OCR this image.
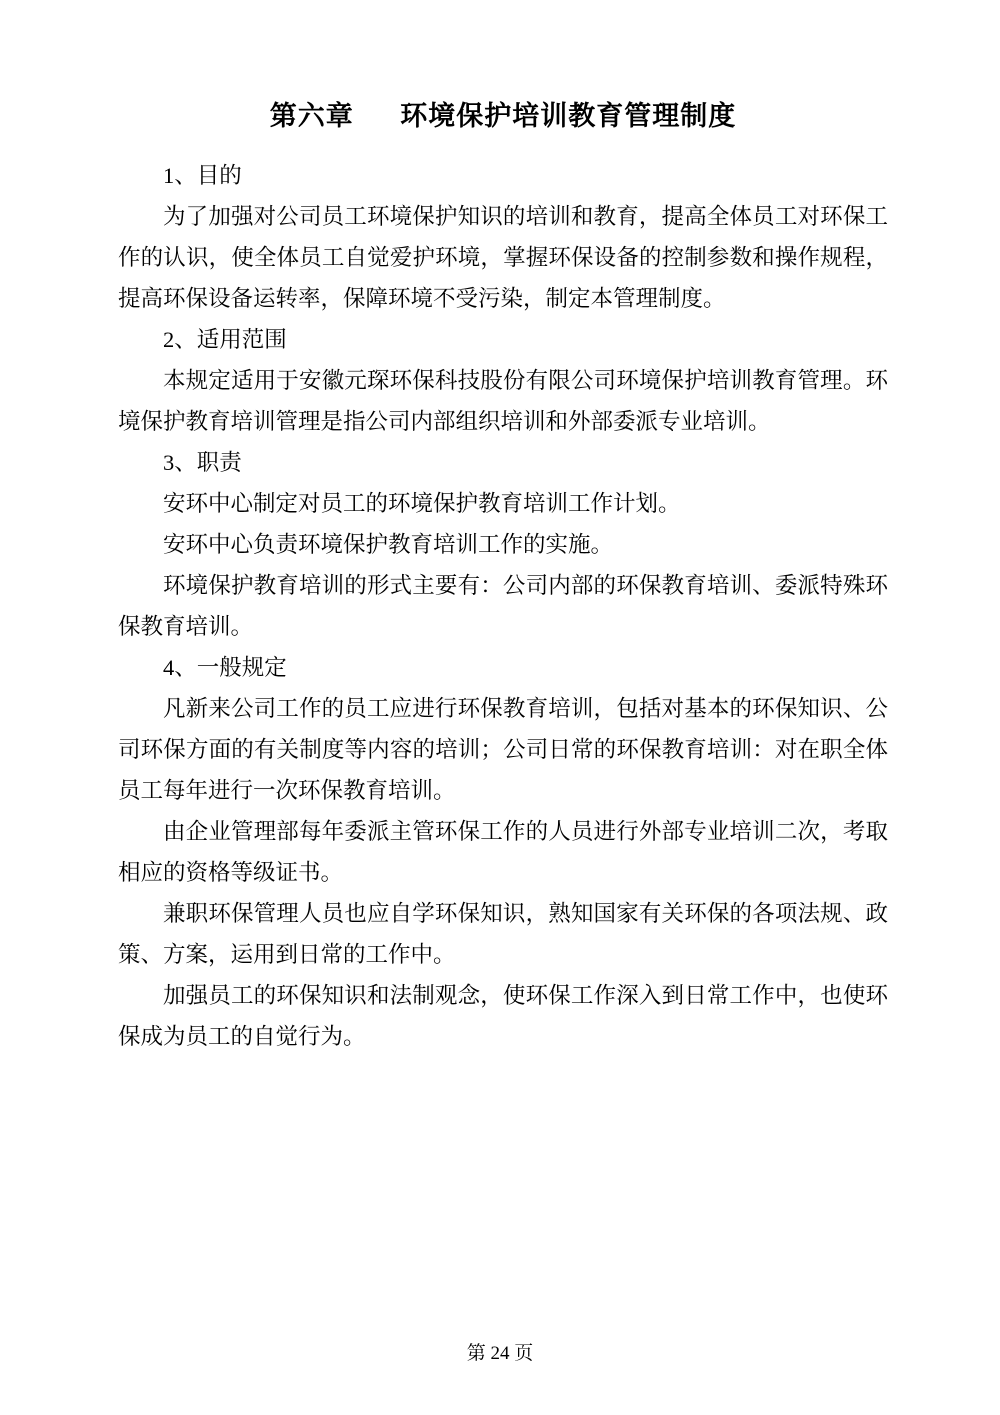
第六章      环境保护培训教育管理制度

1、目的

为了加强对公司员工环境保护知识的培训和教育，提高全体员工对环保工作的认识，使全体员工自觉爱护环境，掌握环保设备的控制参数和操作规程，提高环保设备运转率，保障环境不受污染，制定本管理制度。

2、适用范围

本规定适用于安徽元琛环保科技股份有限公司环境保护培训教育管理。环境保护教育培训管理是指公司内部组织培训和外部委派专业培训。

3、职责

安环中心制定对员工的环境保护教育培训工作计划。

安环中心负责环境保护教育培训工作的实施。

环境保护教育培训的形式主要有：公司内部的环保教育培训、委派特殊环保教育培训。

4、一般规定

凡新来公司工作的员工应进行环保教育培训，包括对基本的环保知识、公司环保方面的有关制度等内容的培训；公司日常的环保教育培训：对在职全体员工每年进行一次环保教育培训。

由企业管理部每年委派主管环保工作的人员进行外部专业培训二次，考取相应的资格等级证书。

兼职环保管理人员也应自学环保知识，熟知国家有关环保的各项法规、政策、方案，运用到日常的工作中。

加强员工的环保知识和法制观念，使环保工作深入到日常工作中，也使环保成为员工的自觉行为。

第 24 页
